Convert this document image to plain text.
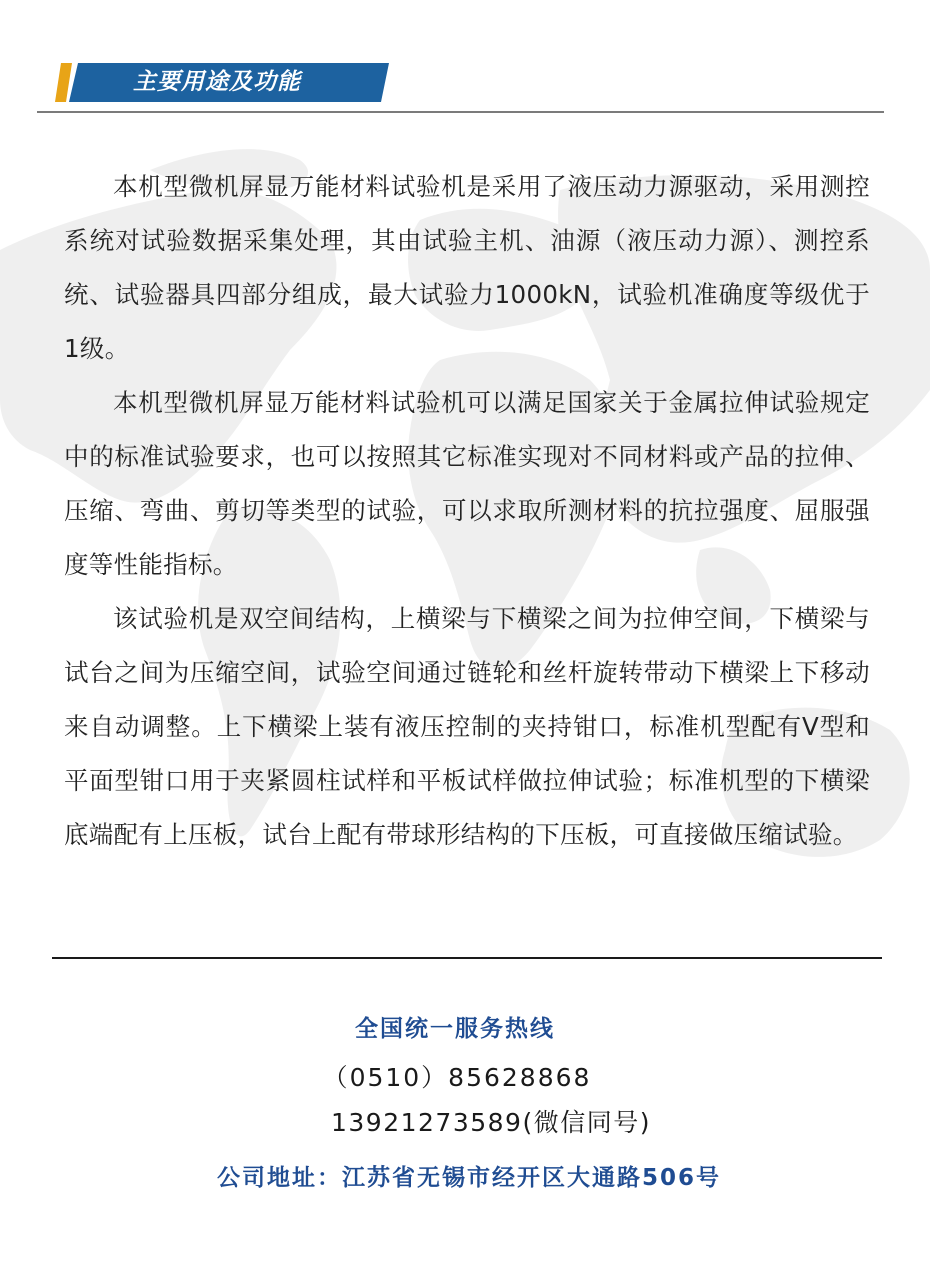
主要用途及功能

本机型微机屏显万能材料试验机是采用了液压动力源驱动，采用测控系统对试验数据采集处理，其由试验主机、油源（液压动力源）、测控系统、试验器具四部分组成，最大试验力1000kN，试验机准确度等级优于1级。

本机型微机屏显万能材料试验机可以满足国家关于金属拉伸试验规定中的标准试验要求，也可以按照其它标准实现对不同材料或产品的拉伸、压缩、弯曲、剪切等类型的试验，可以求取所测材料的抗拉强度、屈服强度等性能指标。

该试验机是双空间结构，上横梁与下横梁之间为拉伸空间，下横梁与试台之间为压缩空间，试验空间通过链轮和丝杆旋转带动下横梁上下移动来自动调整。上下横梁上装有液压控制的夹持钳口，标准机型配有V型和平面型钳口用于夹紧圆柱试样和平板试样做拉伸试验；标准机型的下横梁底端配有上压板，试台上配有带球形结构的下压板，可直接做压缩试验。

全国统一服务热线
（0510）85628868
13921273589(微信同号)
公司地址：江苏省无锡市经开区大通路506号
